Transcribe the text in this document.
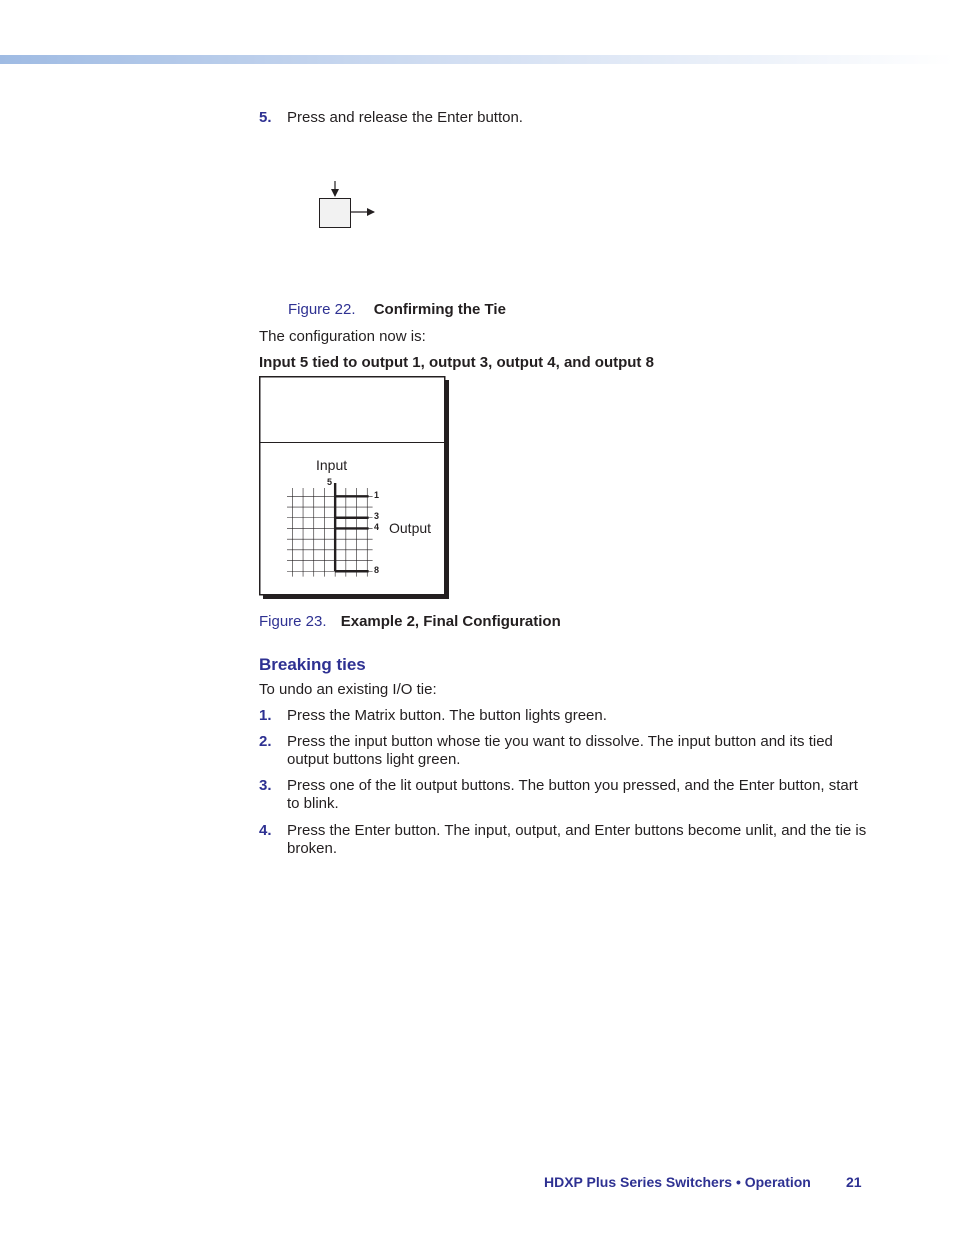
5. Press and release the Enter button.
Figure 22. Confirming the Tie
The configuration now is:
Input 5 tied to output 1, output 3, output 4, and output 8
Input
5
1
3
4
8
Output
Figure 23. Example 2, Final Configuration
Breaking ties
To undo an existing I/O tie:
1. Press the Matrix button. The button lights green.
2. Press the input button whose tie you want to dissolve. The input button and its tied output buttons light green.
3. Press one of the lit output buttons. The button you pressed, and the Enter button, start to blink.
4. Press the Enter button. The input, output, and Enter buttons become unlit, and the tie is broken.
HDXP Plus Series Switchers • Operation	21
